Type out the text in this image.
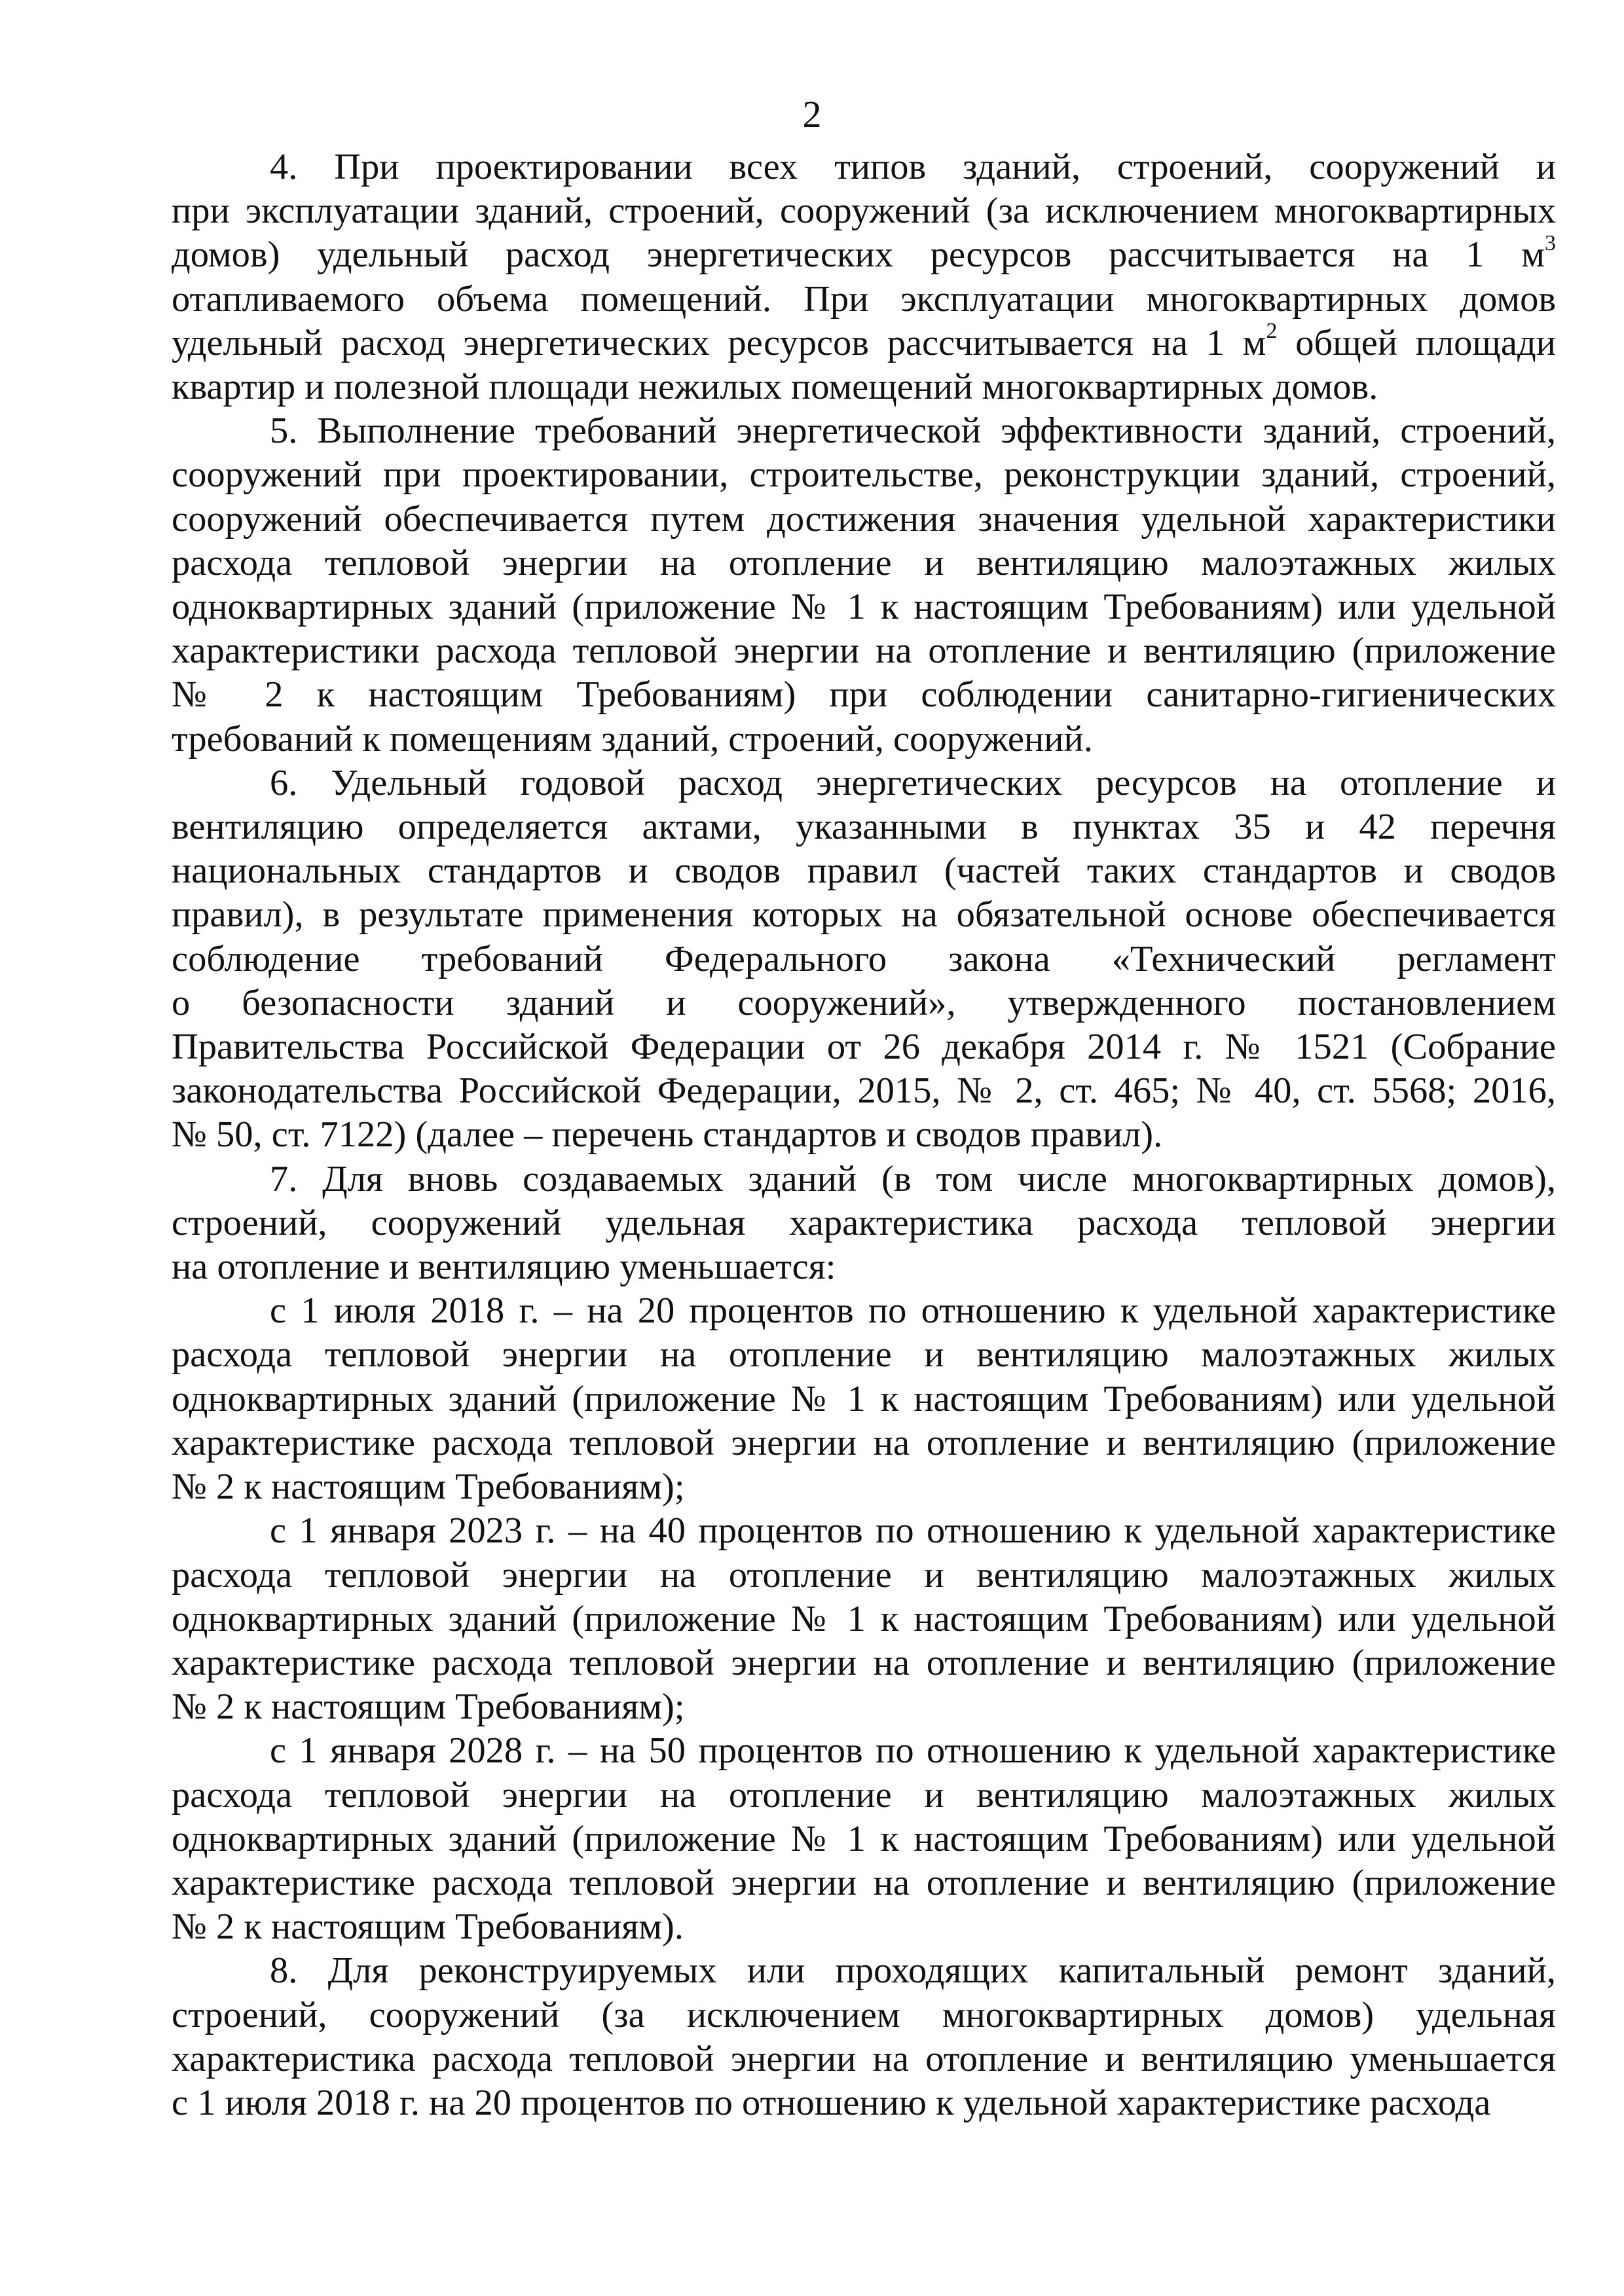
2
4. При проектировании всех типов зданий, строений, сооружений и
при эксплуатации зданий, строений, сооружений (за исключением многоквартирных
домов) удельный расход энергетических ресурсов рассчитывается на 1 $м^3$
отапливаемого объема помещений. При эксплуатации многоквартирных домов
удельный расход энергетических ресурсов рассчитывается на 1 $м^2$ общей площади
квартир и полезной площади нежилых помещений многоквартирных домов.
5. Выполнение требований энергетической эффективности зданий, строений,
сооружений при проектировании, строительстве, реконструкции зданий, строений,
сооружений обеспечивается путем достижения значения удельной характеристики
расхода тепловой энергии на отопление и вентиляцию малоэтажных жилых
одноквартирных зданий (приложение № 1 к настоящим Требованиям) или удельной
характеристики расхода тепловой энергии на отопление и вентиляцию (приложение
№ 2 к настоящим Требованиям) при соблюдении санитарно-гигиенических
требований к помещениям зданий, строений, сооружений.
6. Удельный годовой расход энергетических ресурсов на отопление и
вентиляцию определяется актами, указанными в пунктах 35 и 42 перечня
национальных стандартов и сводов правил (частей таких стандартов и сводов
правил), в результате применения которых на обязательной основе обеспечивается
соблюдение требований Федерального закона «Технический регламент
о безопасности зданий и сооружений», утвержденного постановлением
Правительства Российской Федерации от 26 декабря 2014 г. № 1521 (Собрание
законодательства Российской Федерации, 2015, № 2, ст. 465; № 40, ст. 5568; 2016,
№ 50, ст. 7122) (далее – перечень стандартов и сводов правил).
7. Для вновь создаваемых зданий (в том числе многоквартирных домов),
строений, сооружений удельная характеристика расхода тепловой энергии
на отопление и вентиляцию уменьшается:
с 1 июля 2018 г. – на 20 процентов по отношению к удельной характеристике
расхода тепловой энергии на отопление и вентиляцию малоэтажных жилых
одноквартирных зданий (приложение № 1 к настоящим Требованиям) или удельной
характеристике расхода тепловой энергии на отопление и вентиляцию (приложение
№ 2 к настоящим Требованиям);
с 1 января 2023 г. – на 40 процентов по отношению к удельной характеристике
расхода тепловой энергии на отопление и вентиляцию малоэтажных жилых
одноквартирных зданий (приложение № 1 к настоящим Требованиям) или удельной
характеристике расхода тепловой энергии на отопление и вентиляцию (приложение
№ 2 к настоящим Требованиям);
с 1 января 2028 г. – на 50 процентов по отношению к удельной характеристике
расхода тепловой энергии на отопление и вентиляцию малоэтажных жилых
одноквартирных зданий (приложение № 1 к настоящим Требованиям) или удельной
характеристике расхода тепловой энергии на отопление и вентиляцию (приложение
№ 2 к настоящим Требованиям).
8. Для реконструируемых или проходящих капитальный ремонт зданий,
строений, сооружений (за исключением многоквартирных домов) удельная
характеристика расхода тепловой энергии на отопление и вентиляцию уменьшается
с 1 июля 2018 г. на 20 процентов по отношению к удельной характеристике расхода
